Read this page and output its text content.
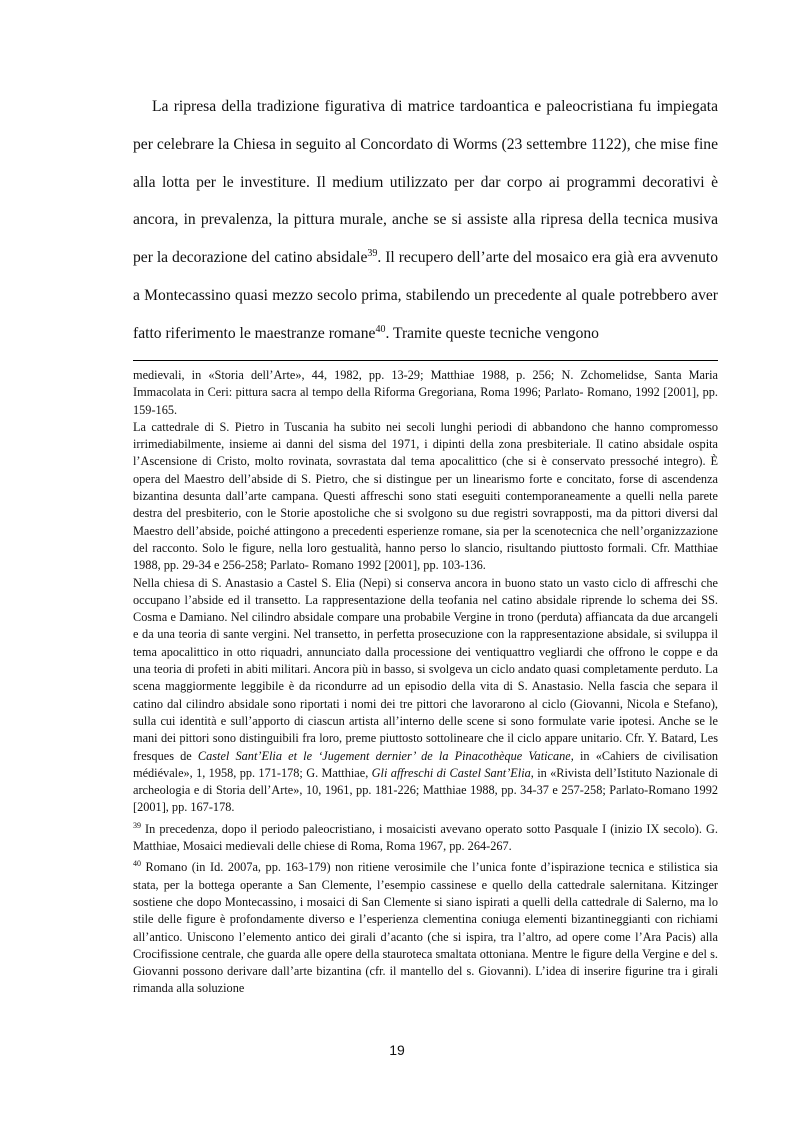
La ripresa della tradizione figurativa di matrice tardoantica e paleocristiana fu impiegata per celebrare la Chiesa in seguito al Concordato di Worms (23 settembre 1122), che mise fine alla lotta per le investiture. Il medium utilizzato per dar corpo ai programmi decorativi è ancora, in prevalenza, la pittura murale, anche se si assiste alla ripresa della tecnica musiva per la decorazione del catino absidale$^{39}$. Il recupero dell’arte del mosaico era già era avvenuto a Montecassino quasi mezzo secolo prima, stabilendo un precedente al quale potrebbero aver fatto riferimento le maestranze romane$^{40}$. Tramite queste tecniche vengono

medievali, in «Storia dell’Arte», 44, 1982, pp. 13-29; Matthiae 1988, p. 256; N. Zchomelidse, Santa Maria Immacolata in Ceri: pittura sacra al tempo della Riforma Gregoriana, Roma 1996; Parlato- Romano, 1992 [2001], pp. 159-165.

La cattedrale di S. Pietro in Tuscania ha subito nei secoli lunghi periodi di abbandono che hanno compromesso irrimediabilmente, insieme ai danni del sisma del 1971, i dipinti della zona presbiteriale. Il catino absidale ospita l’Ascensione di Cristo, molto rovinata, sovrastata dal tema apocalittico (che si è conservato pressoché integro). È opera del Maestro dell’abside di S. Pietro, che si distingue per un linearismo forte e concitato, forse di ascendenza bizantina desunta dall’arte campana. Questi affreschi sono stati eseguiti contemporaneamente a quelli nella parete destra del presbiterio, con le Storie apostoliche che si svolgono su due registri sovrapposti, ma da pittori diversi dal Maestro dell’abside, poiché attingono a precedenti esperienze romane, sia per la scenotecnica che nell’organizzazione del racconto. Solo le figure, nella loro gestualità, hanno perso lo slancio, risultando piuttosto formali. Cfr. Matthiae 1988, pp. 29-34 e 256-258; Parlato- Romano 1992 [2001], pp. 103-136.

Nella chiesa di S. Anastasio a Castel S. Elia (Nepi) si conserva ancora in buono stato un vasto ciclo di affreschi che occupano l’abside ed il transetto. La rappresentazione della teofania nel catino absidale riprende lo schema dei SS. Cosma e Damiano. Nel cilindro absidale compare una probabile Vergine in trono (perduta) affiancata da due arcangeli e da una teoria di sante vergini. Nel transetto, in perfetta prosecuzione con la rappresentazione absidale, si sviluppa il tema apocalittico in otto riquadri, annunciato dalla processione dei ventiquattro vegliardi che offrono le coppe e da una teoria di profeti in abiti militari. Ancora più in basso, si svolgeva un ciclo andato quasi completamente perduto. La scena maggiormente leggibile è da ricondurre ad un episodio della vita di S. Anastasio. Nella fascia che separa il catino dal cilindro absidale sono riportati i nomi dei tre pittori che lavorarono al ciclo (Giovanni, Nicola e Stefano), sulla cui identità e sull’apporto di ciascun artista all’interno delle scene si sono formulate varie ipotesi. Anche se le mani dei pittori sono distinguibili fra loro, preme piuttosto sottolineare che il ciclo appare unitario. Cfr. Y. Batard, Les fresques de Castel Sant’Elia et le ‘Jugement dernier’ de la Pinacothèque Vaticane, in «Cahiers de civilisation médiévale», 1, 1958, pp. 171-178; G. Matthiae, Gli affreschi di Castel Sant’Elia, in «Rivista dell’Istituto Nazionale di archeologia e di Storia dell’Arte», 10, 1961, pp. 181-226; Matthiae 1988, pp. 34-37 e 257-258; Parlato-Romano 1992 [2001], pp. 167-178.

$^{39}$ In precedenza, dopo il periodo paleocristiano, i mosaicisti avevano operato sotto Pasquale I (inizio IX secolo). G. Matthiae, Mosaici medievali delle chiese di Roma, Roma 1967, pp. 264-267.

$^{40}$ Romano (in Id. 2007a, pp. 163-179) non ritiene verosimile che l’unica fonte d’ispirazione tecnica e stilistica sia stata, per la bottega operante a San Clemente, l’esempio cassinese e quello della cattedrale salernitana. Kitzinger sostiene che dopo Montecassino, i mosaici di San Clemente si siano ispirati a quelli della cattedrale di Salerno, ma lo stile delle figure è profondamente diverso e l’esperienza clementina coniuga elementi bizantineggianti con richiami all’antico. Uniscono l’elemento antico dei girali d’acanto (che si ispira, tra l’altro, ad opere come l’Ara Pacis) alla Crocifissione centrale, che guarda alle opere della stauroteca smaltata ottoniana. Mentre le figure della Vergine e del s. Giovanni possono derivare dall’arte bizantina (cfr. il mantello del s. Giovanni). L’idea di inserire figurine tra i girali rimanda alla soluzione

19
